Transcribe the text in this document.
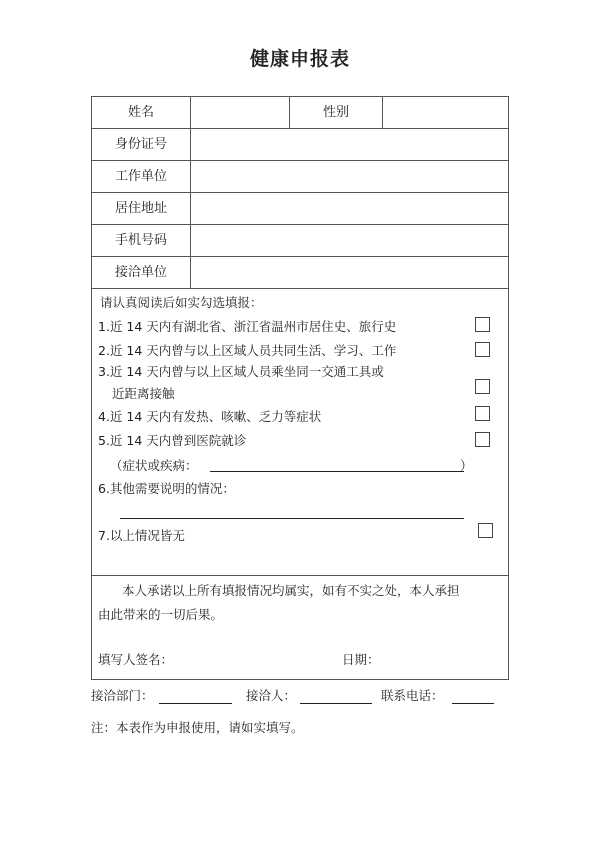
健康申报表
姓名	性别
身份证号
工作单位
居住地址
手机号码
接洽单位
请认真阅读后如实勾选填报：
1.近 14 天内有湖北省、浙江省温州市居住史、旅行史
2.近 14 天内曾与以上区域人员共同生活、学习、工作
3.近 14 天内曾与以上区域人员乘坐同一交通工具或
近距离接触
4.近 14 天内有发热、咳嗽、乏力等症状
5.近 14 天内曾到医院就诊
（症状或疾病：	）
6.其他需要说明的情况：
7.以上情况皆无
本人承诺以上所有填报情况均属实，如有不实之处，本人承担
由此带来的一切后果。
填写人签名：	日期：
接洽部门：	接洽人：	联系电话：
注：本表作为申报使用，请如实填写。
